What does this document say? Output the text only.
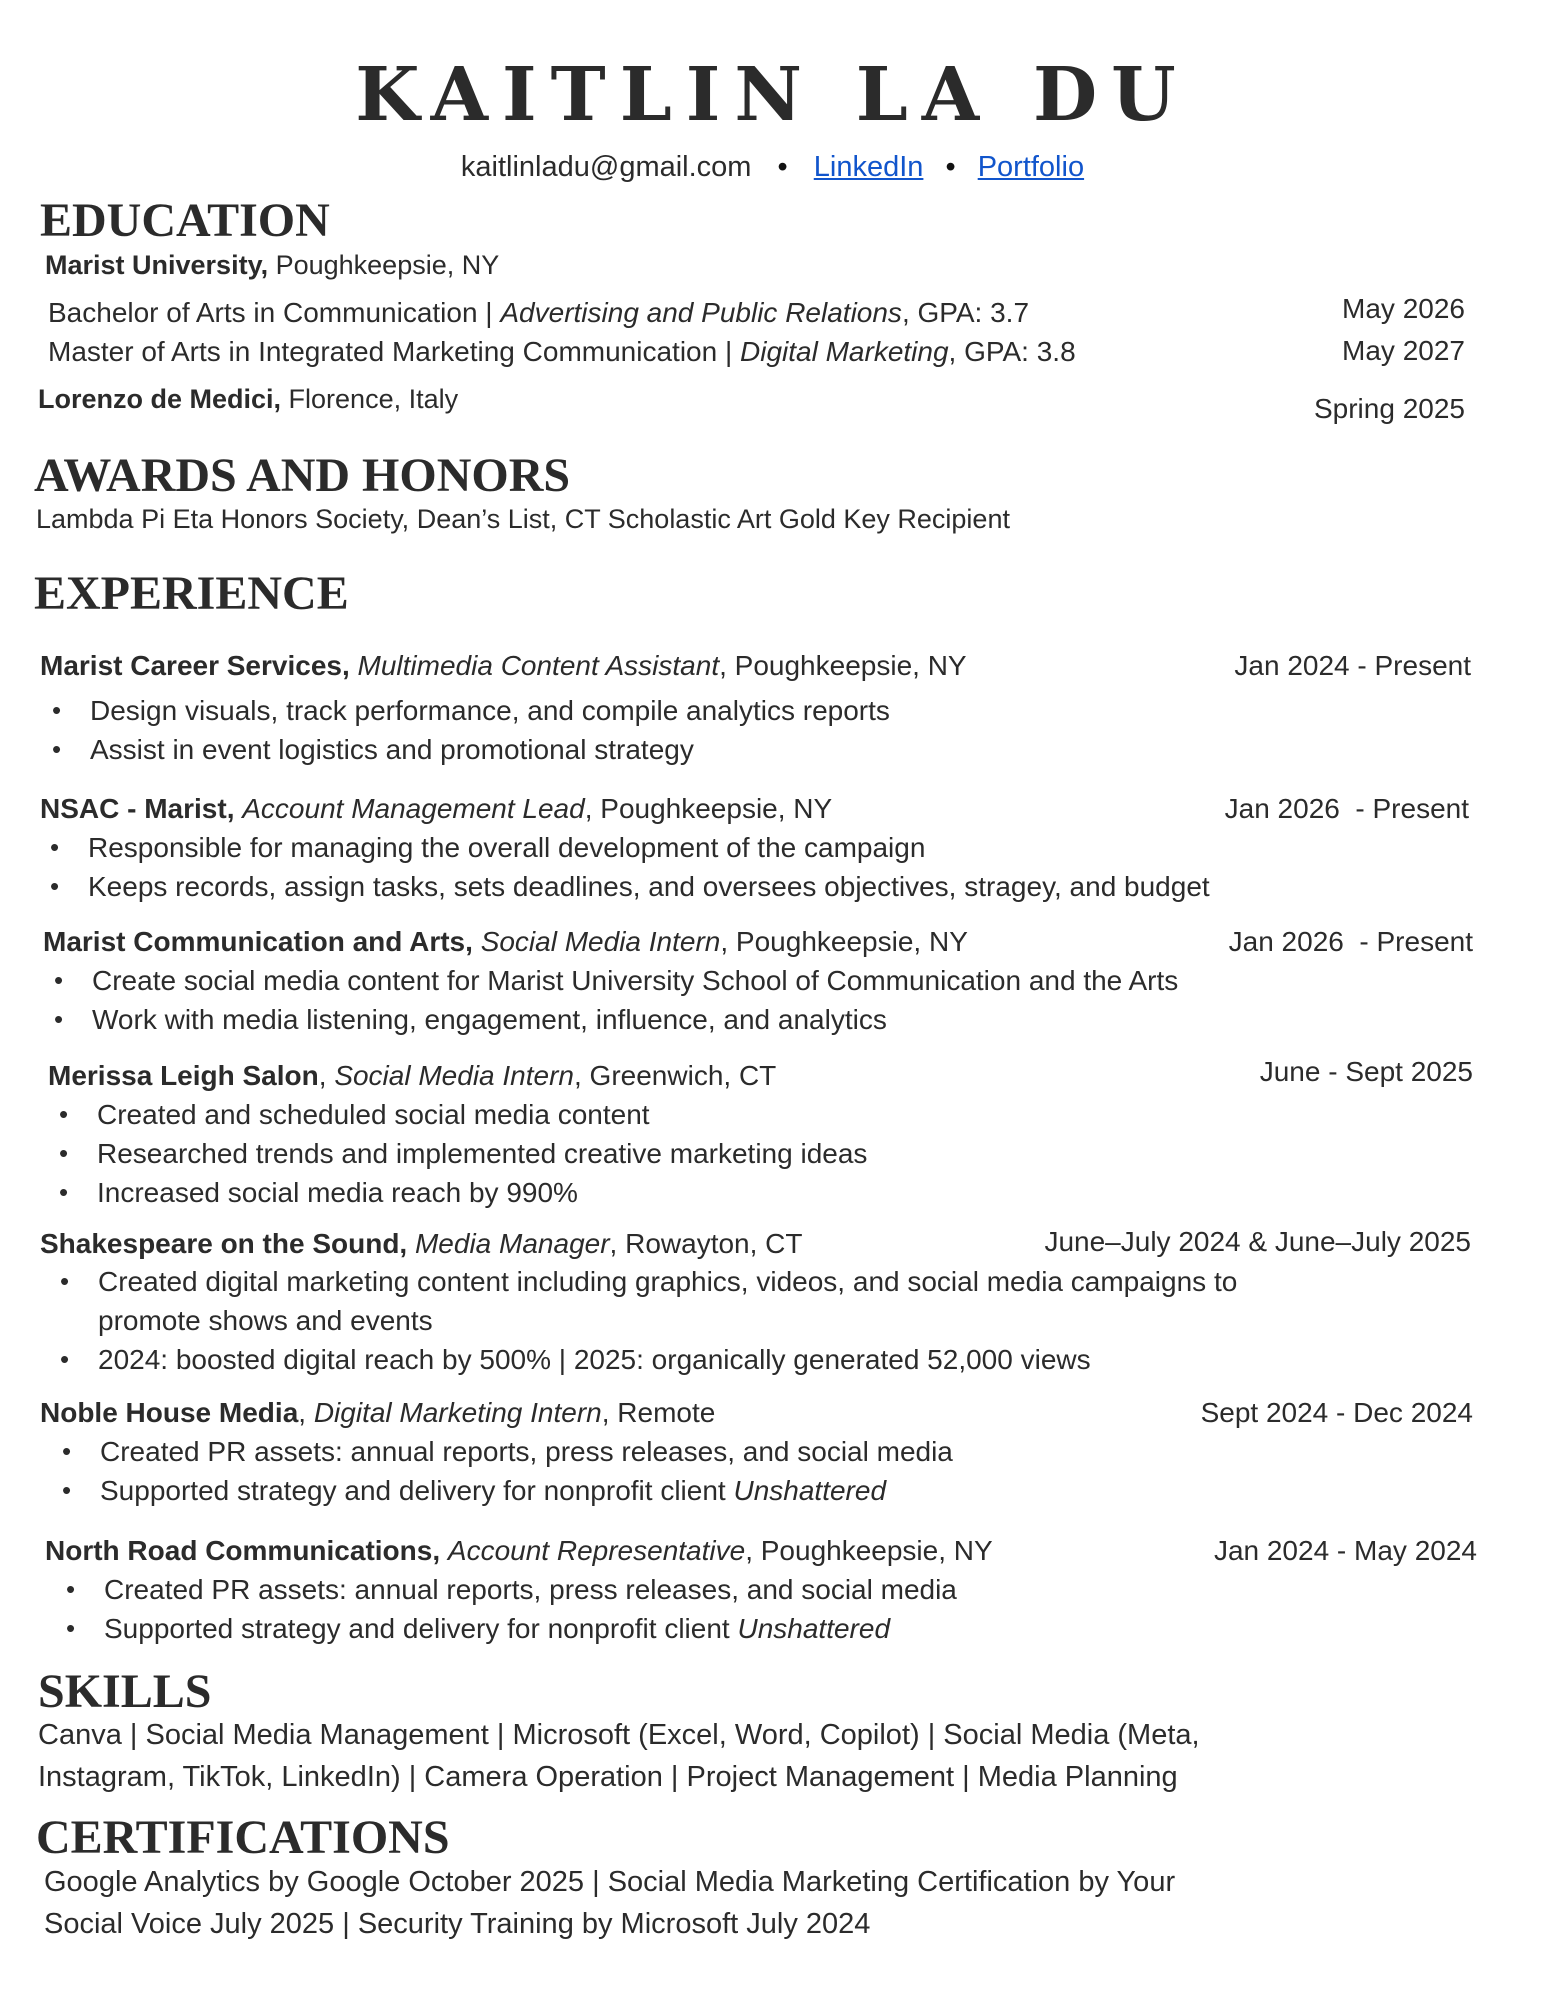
KAITLIN LA DU
kaitlinladu@gmail.com • LinkedIn • Portfolio
EDUCATION
Marist University, Poughkeepsie, NY
Bachelor of Arts in Communication | Advertising and Public Relations, GPA: 3.7	May 2026
Master of Arts in Integrated Marketing Communication | Digital Marketing, GPA: 3.8	May 2027
Lorenzo de Medici, Florence, Italy	Spring 2025
AWARDS AND HONORS
Lambda Pi Eta Honors Society, Dean’s List, CT Scholastic Art Gold Key Recipient
EXPERIENCE
Marist Career Services, Multimedia Content Assistant, Poughkeepsie, NY	Jan 2024 - Present
• Design visuals, track performance, and compile analytics reports
• Assist in event logistics and promotional strategy
NSAC - Marist, Account Management Lead, Poughkeepsie, NY	Jan 2026  - Present
• Responsible for managing the overall development of the campaign
• Keeps records, assign tasks, sets deadlines, and oversees objectives, stragey, and budget
Marist Communication and Arts, Social Media Intern, Poughkeepsie, NY	Jan 2026  - Present
• Create social media content for Marist University School of Communication and the Arts
• Work with media listening, engagement, influence, and analytics
Merissa Leigh Salon, Social Media Intern, Greenwich, CT	June - Sept 2025
• Created and scheduled social media content
• Researched trends and implemented creative marketing ideas
• Increased social media reach by 990%
Shakespeare on the Sound, Media Manager, Rowayton, CT	June–July 2024 & June–July 2025
• Created digital marketing content including graphics, videos, and social media campaigns to
promote shows and events
• 2024: boosted digital reach by 500% | 2025: organically generated 52,000 views
Noble House Media, Digital Marketing Intern, Remote	Sept 2024 - Dec 2024
• Created PR assets: annual reports, press releases, and social media
• Supported strategy and delivery for nonprofit client Unshattered
North Road Communications, Account Representative, Poughkeepsie, NY	Jan 2024 - May 2024
• Created PR assets: annual reports, press releases, and social media
• Supported strategy and delivery for nonprofit client Unshattered
SKILLS
Canva | Social Media Management | Microsoft (Excel, Word, Copilot) | Social Media (Meta,
Instagram, TikTok, LinkedIn) | Camera Operation | Project Management | Media Planning
CERTIFICATIONS
Google Analytics by Google October 2025 | Social Media Marketing Certification by Your
Social Voice July 2025 | Security Training by Microsoft July 2024
